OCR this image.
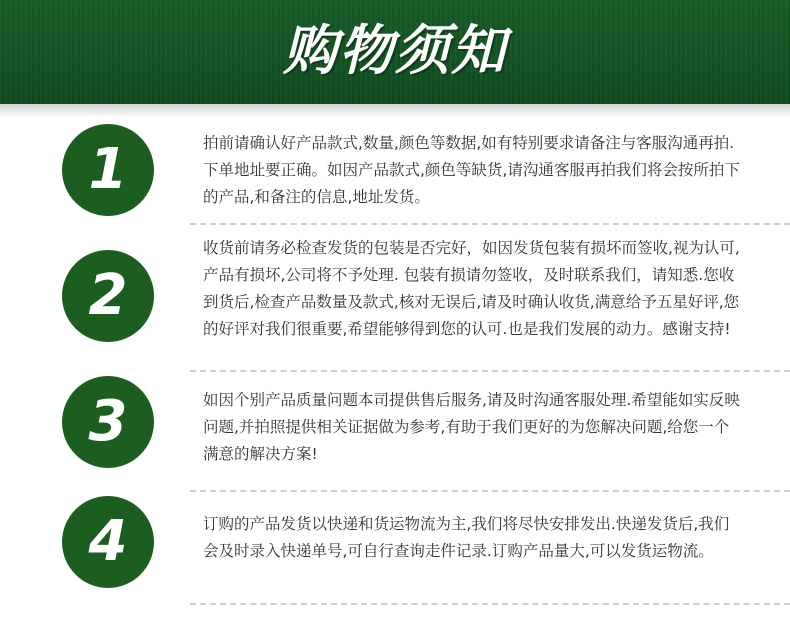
购物须知
1	拍前请确认好产品款式,数量,颜色等数据,如有特别要求请备注与客服沟通再拍.下单地址要正确。如因产品款式,颜色等缺货,请沟通客服再拍我们将会按所拍下的产品,和备注的信息,地址发货。
2
收货前请务必检查发货的包装是否完好，如因发货包装有损坏而签收,视为认可,产品有损坏,公司将不予处理. 包装有损请勿签收，及时联系我们，请知悉.您收到货后,检查产品数量及款式,核对无误后,请及时确认收货,满意给予五星好评,您的好评对我们很重要,希望能够得到您的认可.也是我们发展的动力。感谢支持!
3	如因个别产品质量问题本司提供售后服务,请及时沟通客服处理.希望能如实反映问题,并拍照提供相关证据做为参考,有助于我们更好的为您解决问题,给您一个满意的解决方案!
4	订购的产品发货以快递和货运物流为主,我们将尽快安排发出.快递发货后,我们会及时录入快递单号,可自行查询走件记录.订购产品量大,可以发货运物流。
